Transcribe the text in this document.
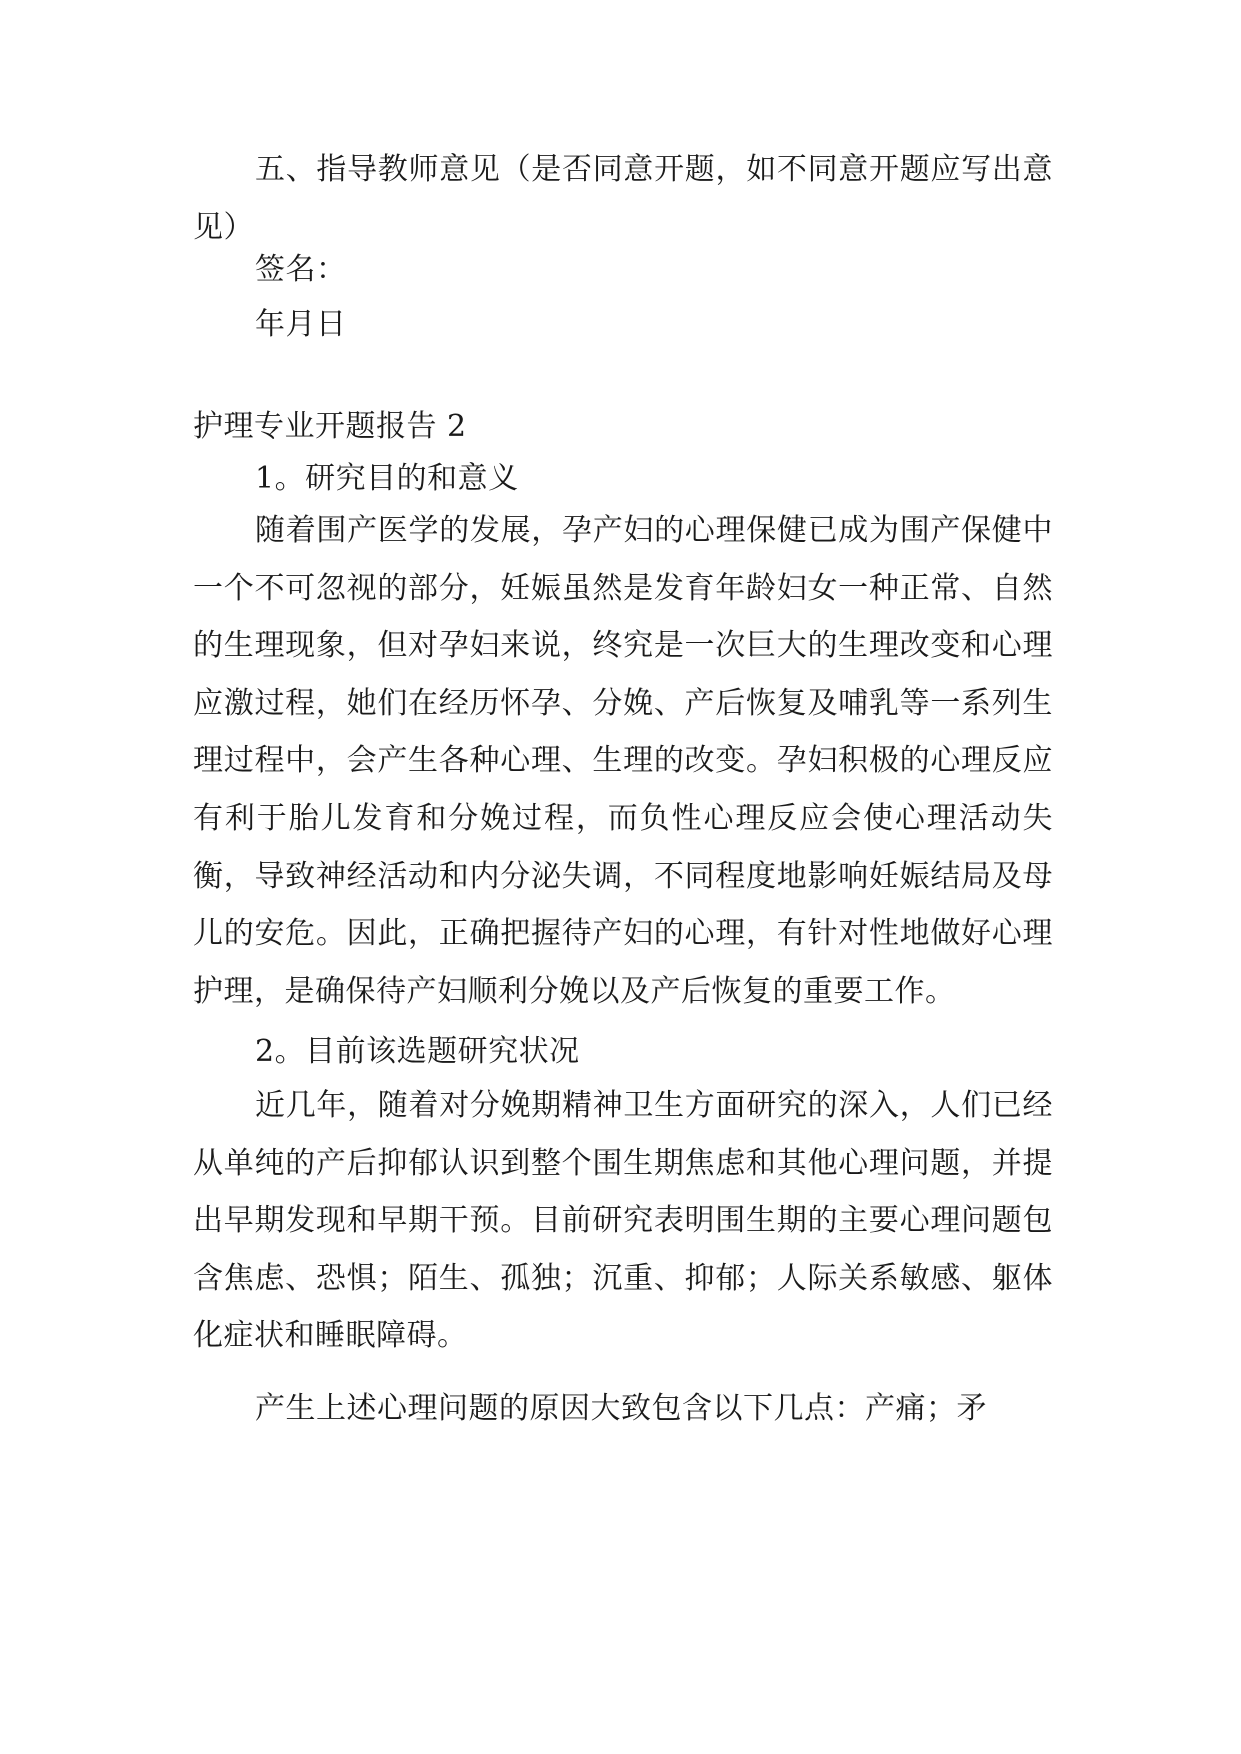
五、指导教师意见（是否同意开题，如不同意开题应写出意见）

签名：
年月日
护理专业开题报告 2
1。研究目的和意义

随着围产医学的发展，孕产妇的心理保健已成为围产保健中一个不可忽视的部分，妊娠虽然是发育年龄妇女一种正常、自然的生理现象，但对孕妇来说，终究是一次巨大的生理改变和心理应激过程，她们在经历怀孕、分娩、产后恢复及哺乳等一系列生理过程中，会产生各种心理、生理的改变。孕妇积极的心理反应有利于胎儿发育和分娩过程，而负性心理反应会使心理活动失衡，导致神经活动和内分泌失调，不同程度地影响妊娠结局及母儿的安危。因此，正确把握待产妇的心理，有针对性地做好心理护理，是确保待产妇顺利分娩以及产后恢复的重要工作。

2。目前该选题研究状况

近几年，随着对分娩期精神卫生方面研究的深入，人们已经从单纯的产后抑郁认识到整个围生期焦虑和其他心理问题，并提出早期发现和早期干预。目前研究表明围生期的主要心理问题包含焦虑、恐惧；陌生、孤独；沉重、抑郁；人际关系敏感、躯体化症状和睡眠障碍。

产生上述心理问题的原因大致包含以下几点：产痛；矛
